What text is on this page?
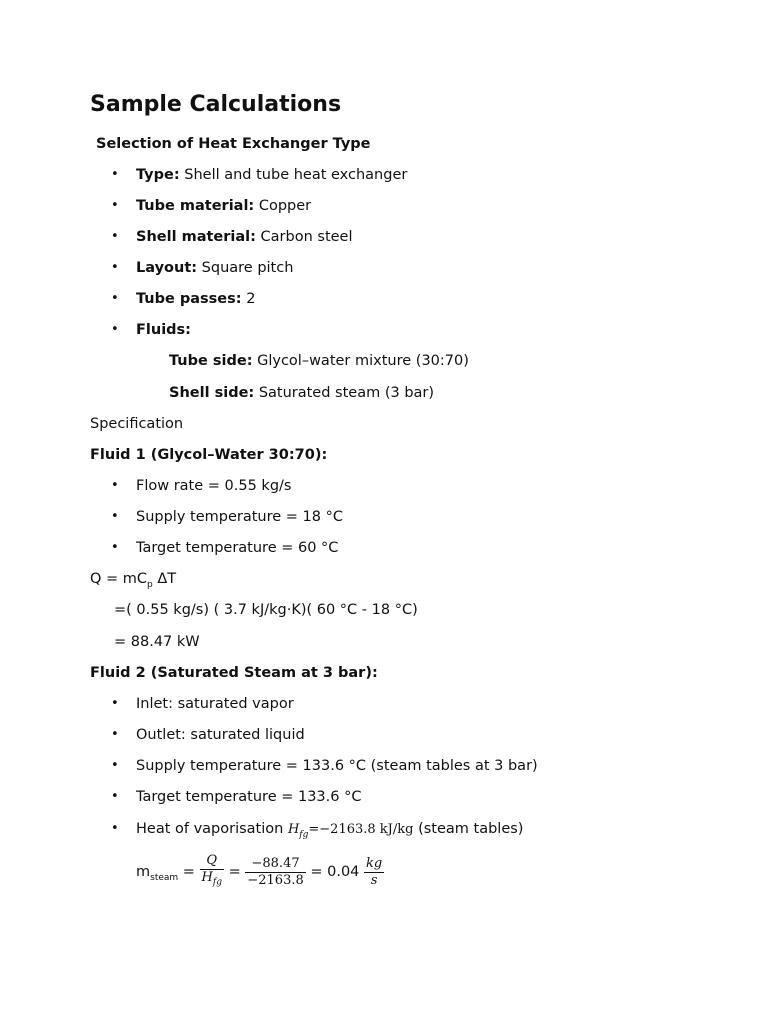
Sample Calculations
Selection of Heat Exchanger Type
• Type: Shell and tube heat exchanger
• Tube material: Copper
• Shell material: Carbon steel
• Layout: Square pitch
• Tube passes: 2
• Fluids:
Tube side: Glycol–water mixture (30:70)
Shell side: Saturated steam (3 bar)
Specification
Fluid 1 (Glycol–Water 30:70):
• Flow rate = 0.55 kg/s
• Supply temperature = 18 °C
• Target temperature = 60 °C
$Q = mC_p$ ΔT
=( 0.55 kg/s) ( 3.7 kJ/kg·K)( 60 °C - 18 °C)
= 88.47 kW
Fluid 2 (Saturated Steam at 3 bar):
• Inlet: saturated vapor
• Outlet: saturated liquid
• Supply temperature = 133.6 °C (steam tables at 3 bar)
• Target temperature = 133.6 °C
• Heat of vaporisation $H_{fg}=-2163.8$ kJ/kg (steam tables)
$m_{steam} = \frac{Q}{H_{fg}} = \frac{-88.47}{-2163.8} = 0.04 \frac{kg}{s}$
